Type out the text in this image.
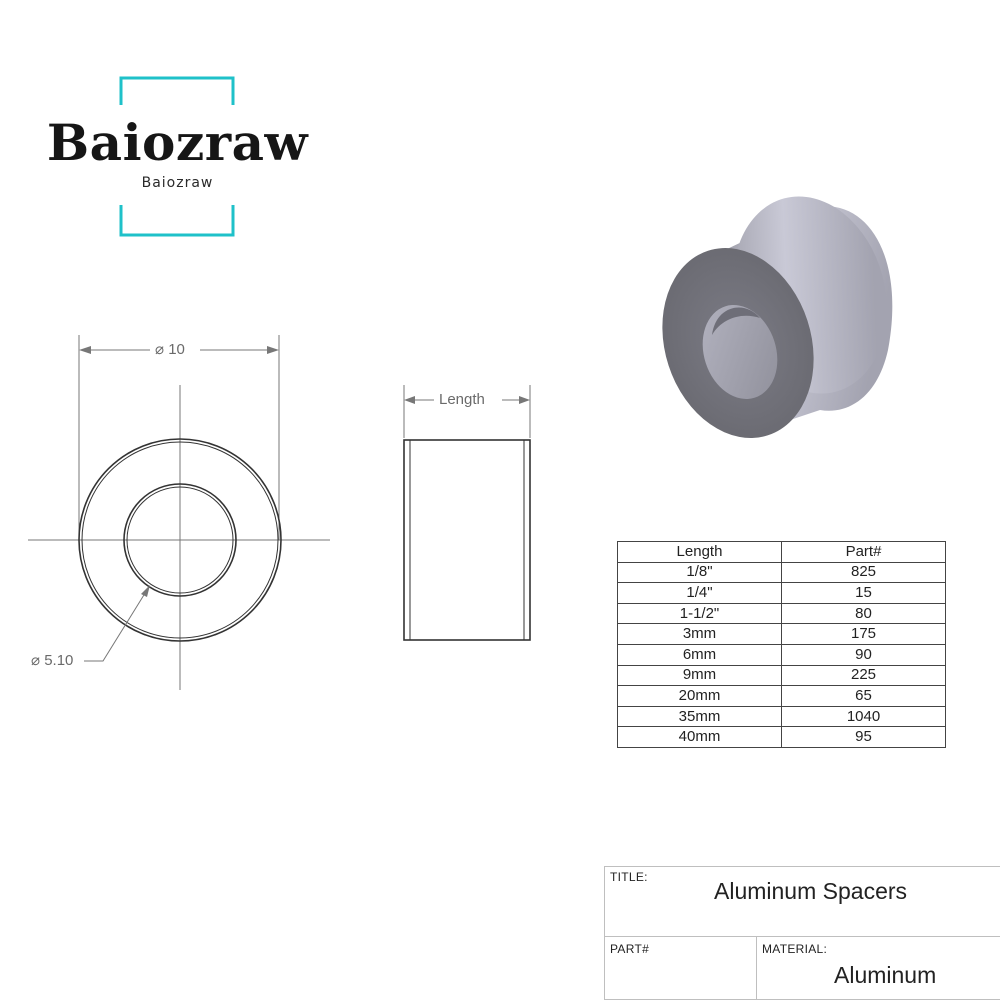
Baiozraw
Baiozraw
⌀ 10
⌀ 5.10
Length
Length	Part#
1/8"	825
1/4"	15
1-1/2"	80
3mm	175
6mm	90
9mm	225
20mm	65
35mm	1040
40mm	95
TITLE:
Aluminum Spacers
PART#	MATERIAL:
Aluminum
